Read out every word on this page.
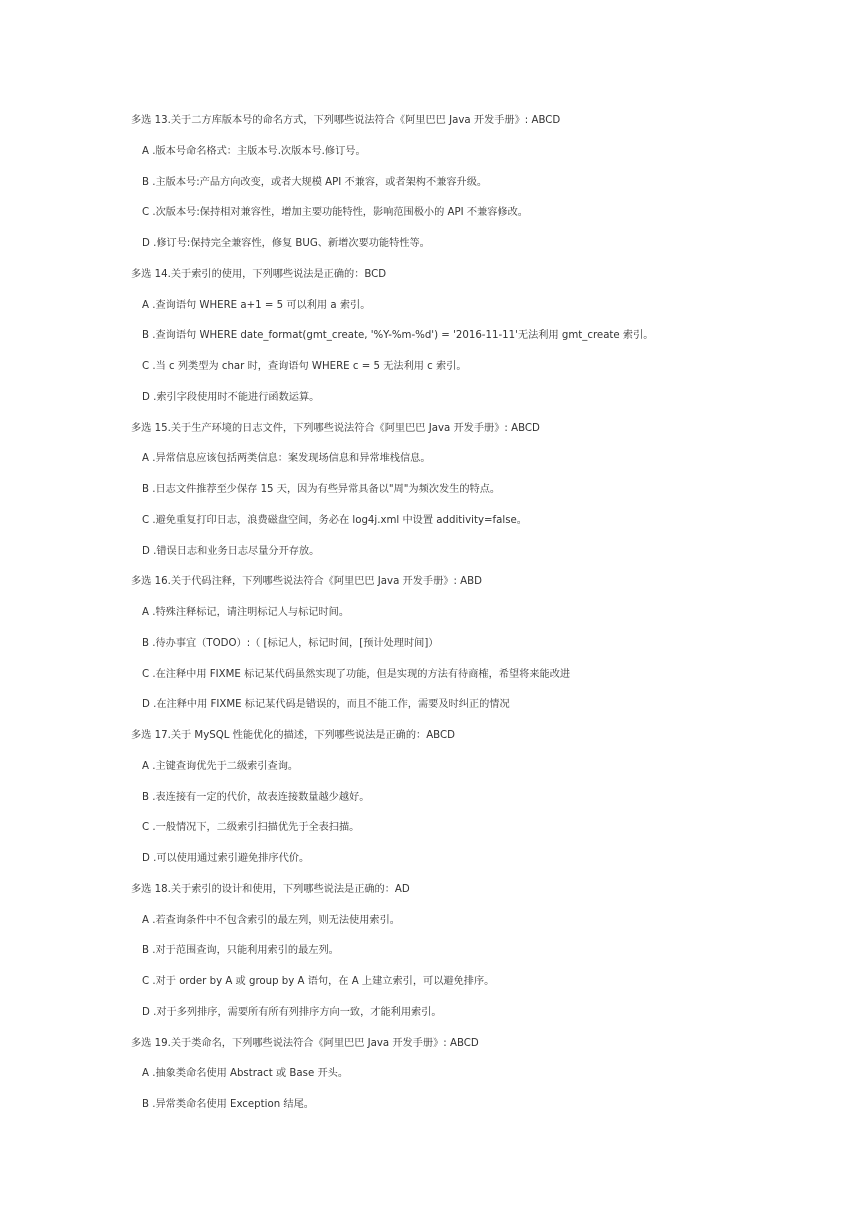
多选 13.关于二方库版本号的命名方式，下列哪些说法符合《阿里巴巴 Java 开发手册》: ABCD
A .版本号命名格式：主版本号.次版本号.修订号。
B .主版本号:产品方向改变，或者大规模 API 不兼容，或者架构不兼容升级。
C .次版本号:保持相对兼容性，增加主要功能特性，影响范围极小的 API 不兼容修改。
D .修订号:保持完全兼容性，修复 BUG、新增次要功能特性等。
多选 14.关于索引的使用，下列哪些说法是正确的：BCD
A .查询语句 WHERE a+1 = 5 可以利用 a 索引。
B .查询语句 WHERE date_format(gmt_create, '%Y-%m-%d') = '2016-11-11'无法利用 gmt_create 索引。
C .当 c 列类型为 char 时，查询语句 WHERE c = 5 无法利用 c 索引。
D .索引字段使用时不能进行函数运算。
多选 15.关于生产环境的日志文件，下列哪些说法符合《阿里巴巴 Java 开发手册》: ABCD
A .异常信息应该包括两类信息：案发现场信息和异常堆栈信息。
B .日志文件推荐至少保存 15 天，因为有些异常具备以"周"为频次发生的特点。
C .避免重复打印日志，浪费磁盘空间，务必在 log4j.xml 中设置 additivity=false。
D .错误日志和业务日志尽量分开存放。
多选 16.关于代码注释，下列哪些说法符合《阿里巴巴 Java 开发手册》: ABD
A .特殊注释标记，请注明标记人与标记时间。
B .待办事宜（TODO）:（ [标记人，标记时间，[预计处理时间]）
C .在注释中用 FIXME 标记某代码虽然实现了功能，但是实现的方法有待商榷，希望将来能改进
D .在注释中用 FIXME 标记某代码是错误的，而且不能工作，需要及时纠正的情况
多选 17.关于 MySQL 性能优化的描述，下列哪些说法是正确的：ABCD
A .主键查询优先于二级索引查询。
B .表连接有一定的代价，故表连接数量越少越好。
C .一般情况下，二级索引扫描优先于全表扫描。
D .可以使用通过索引避免排序代价。
多选 18.关于索引的设计和使用，下列哪些说法是正确的：AD
A .若查询条件中不包含索引的最左列，则无法使用索引。
B .对于范围查询，只能利用索引的最左列。
C .对于 order by A 或 group by A 语句，在 A 上建立索引，可以避免排序。
D .对于多列排序，需要所有所有列排序方向一致，才能利用索引。
多选 19.关于类命名，下列哪些说法符合《阿里巴巴 Java 开发手册》: ABCD
A .抽象类命名使用 Abstract 或 Base 开头。
B .异常类命名使用 Exception 结尾。
